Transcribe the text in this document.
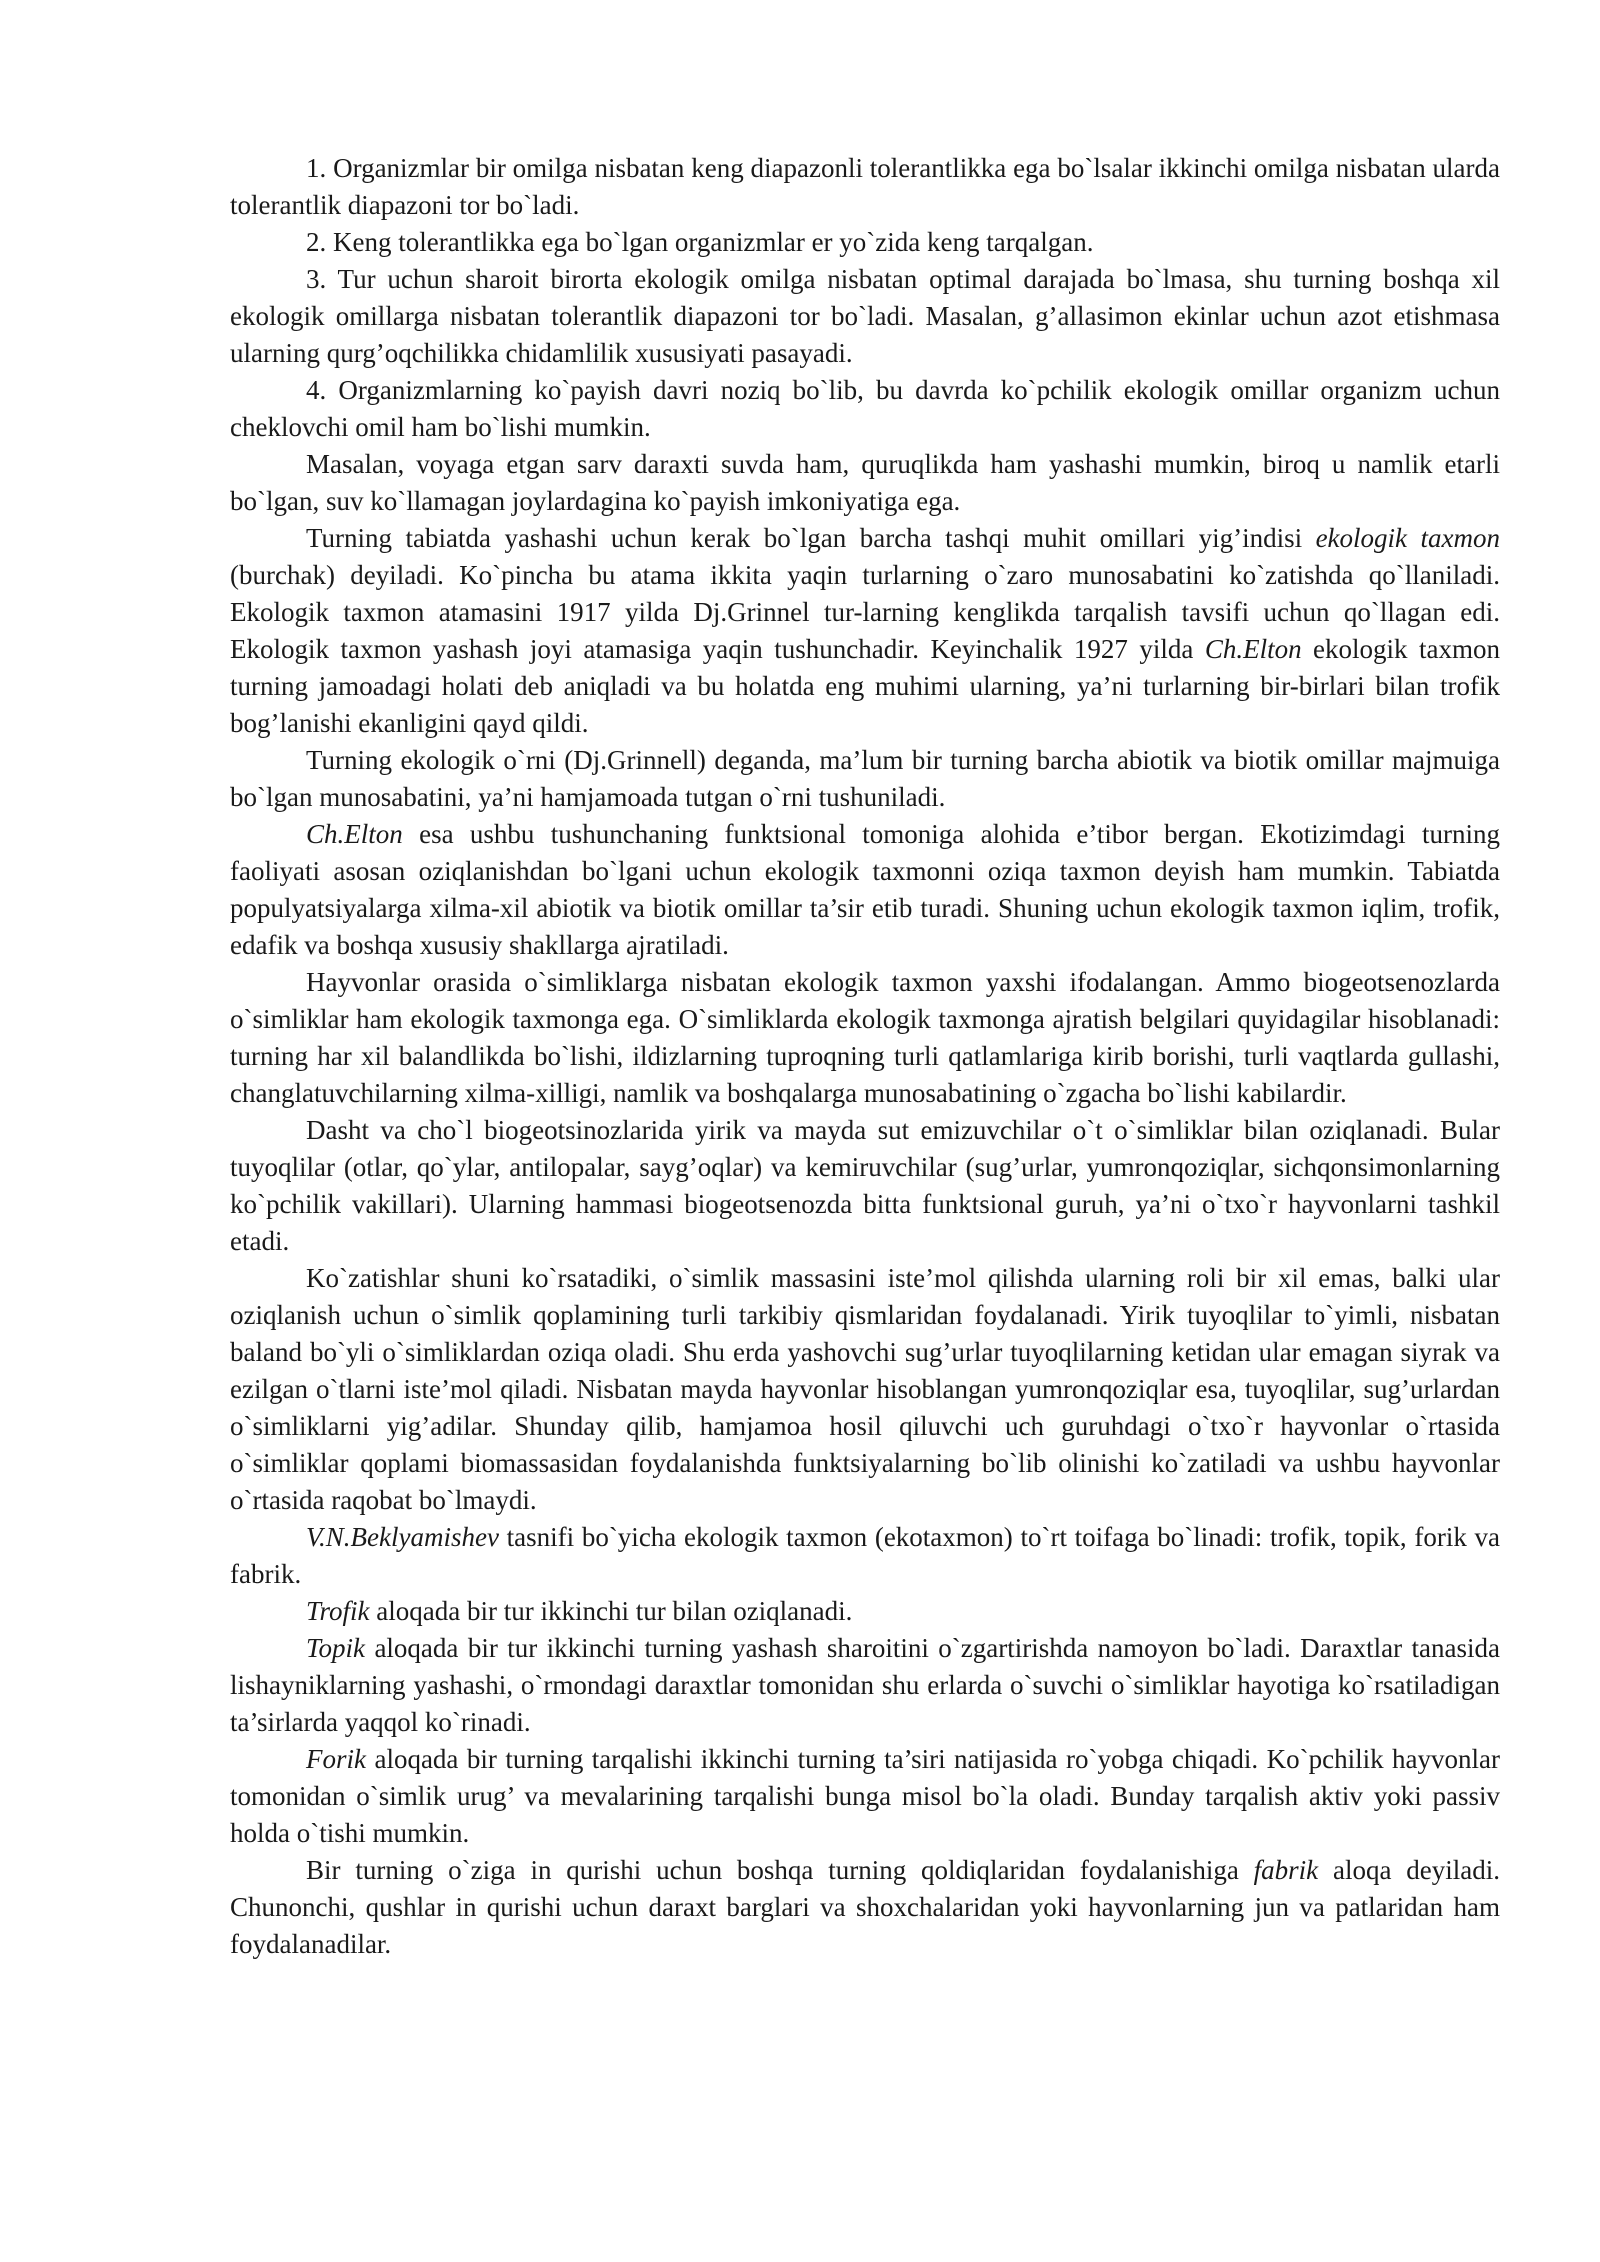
1. Organizmlar bir omilga nisbatan keng diapazonli tolerantlikka ega bo`lsalar ikkinchi omilga nisbatan ularda tolerantlik diapazoni tor bo`ladi.

2. Keng tolerantlikka ega bo`lgan organizmlar er yo`zida keng tarqalgan.

3. Tur uchun sharoit birorta ekologik omilga nisbatan optimal darajada bo`lmasa, shu turning boshqa xil ekologik omillarga nisbatan tolerantlik diapazoni tor bo`ladi. Masalan, g’allasimon ekinlar uchun azot etishmasa ularning qurg’oqchilikka chidamlilik xususiyati pasayadi.

4. Organizmlarning ko`payish davri noziq bo`lib, bu davrda ko`pchilik ekologik omillar organizm uchun cheklovchi omil ham bo`lishi mumkin.

Masalan, voyaga etgan sarv daraxti suvda ham, quruqlikda ham yashashi mumkin, biroq u namlik etarli bo`lgan, suv ko`llamagan joylardagina ko`payish imkoniyatiga ega.

Turning tabiatda yashashi uchun kerak bo`lgan barcha tashqi muhit omillari yig’indisi ekologik taxmon (burchak) deyiladi. Ko`pincha bu atama ikkita yaqin turlarning o`zaro munosabatini ko`zatishda qo`llaniladi. Ekologik taxmon atamasini 1917 yilda Dj.Grinnel tur-larning kenglikda tarqalish tavsifi uchun qo`llagan edi. Ekologik taxmon yashash joyi atamasiga yaqin tushunchadir. Keyinchalik 1927 yilda Ch.Elton ekologik taxmon turning jamoadagi holati deb aniqladi va bu holatda eng muhimi ularning, ya’ni turlarning bir-birlari bilan trofik bog’lanishi ekanligini qayd qildi.

Turning ekologik o`rni (Dj.Grinnell) deganda, ma’lum bir turning barcha abiotik va biotik omillar majmuiga bo`lgan munosabatini, ya’ni hamjamoada tutgan o`rni tushuniladi.

Ch.Elton esa ushbu tushunchaning funktsional tomoniga alohida e’tibor bergan. Ekotizimdagi turning faoliyati asosan oziqlanishdan bo`lgani uchun ekologik taxmonni oziqa taxmon deyish ham mumkin. Tabiatda populyatsiyalarga xilma-xil abiotik va biotik omillar ta’sir etib turadi. Shuning uchun ekologik taxmon iqlim, trofik, edafik va boshqa xususiy shakllarga ajratiladi.

Hayvonlar orasida o`simliklarga nisbatan ekologik taxmon yaxshi ifodalangan. Ammo biogeotsenozlarda o`simliklar ham ekologik taxmonga ega. O`simliklarda ekologik taxmonga ajratish belgilari quyidagilar hisoblanadi: turning har xil balandlikda bo`lishi, ildizlarning tuproqning turli qatlamlariga kirib borishi, turli vaqtlarda gullashi, changlatuvchilarning xilma-xilligi, namlik va boshqalarga munosabatining o`zgacha bo`lishi kabilardir.

Dasht va cho`l biogeotsinozlarida yirik va mayda sut emizuvchilar o`t o`simliklar bilan oziqlanadi. Bular tuyoqlilar (otlar, qo`ylar, antilopalar, sayg’oqlar) va kemiruvchilar (sug’urlar, yumronqoziqlar, sichqonsimonlarning ko`pchilik vakillari). Ularning hammasi biogeotsenozda bitta funktsional guruh, ya’ni o`txo`r hayvonlarni tashkil etadi.

Ko`zatishlar shuni ko`rsatadiki, o`simlik massasini iste’mol qilishda ularning roli bir xil emas, balki ular oziqlanish uchun o`simlik qoplamining turli tarkibiy qismlaridan foydalanadi. Yirik tuyoqlilar to`yimli, nisbatan baland bo`yli o`simliklardan oziqa oladi. Shu erda yashovchi sug’urlar tuyoqlilarning ketidan ular emagan siyrak va ezilgan o`tlarni iste’mol qiladi. Nisbatan mayda hayvonlar hisoblangan yumronqoziqlar esa, tuyoqlilar, sug’urlardan o`simliklarni yig’adilar. Shunday qilib, hamjamoa hosil qiluvchi uch guruhdagi o`txo`r hayvonlar o`rtasida o`simliklar qoplami biomassasidan foydalanishda funktsiyalarning bo`lib olinishi ko`zatiladi va ushbu hayvonlar o`rtasida raqobat bo`lmaydi.

V.N.Beklyamishev tasnifi bo`yicha ekologik taxmon (ekotaxmon) to`rt toifaga bo`linadi: trofik, topik, forik va fabrik.

Trofik aloqada bir tur ikkinchi tur bilan oziqlanadi.

Topik aloqada bir tur ikkinchi turning yashash sharoitini o`zgartirishda namoyon bo`ladi. Daraxtlar tanasida lishayniklarning yashashi, o`rmondagi daraxtlar tomonidan shu erlarda o`suvchi o`simliklar hayotiga ko`rsatiladigan ta’sirlarda yaqqol ko`rinadi.

Forik aloqada bir turning tarqalishi ikkinchi turning ta’siri natijasida ro`yobga chiqadi. Ko`pchilik hayvonlar tomonidan o`simlik urug’ va mevalarining tarqalishi bunga misol bo`la oladi. Bunday tarqalish aktiv yoki passiv holda o`tishi mumkin.

Bir turning o`ziga in qurishi uchun boshqa turning qoldiqlaridan foydalanishiga fabrik aloqa deyiladi. Chunonchi, qushlar in qurishi uchun daraxt barglari va shoxchalaridan yoki hayvonlarning jun va patlaridan ham foydalanadilar.
